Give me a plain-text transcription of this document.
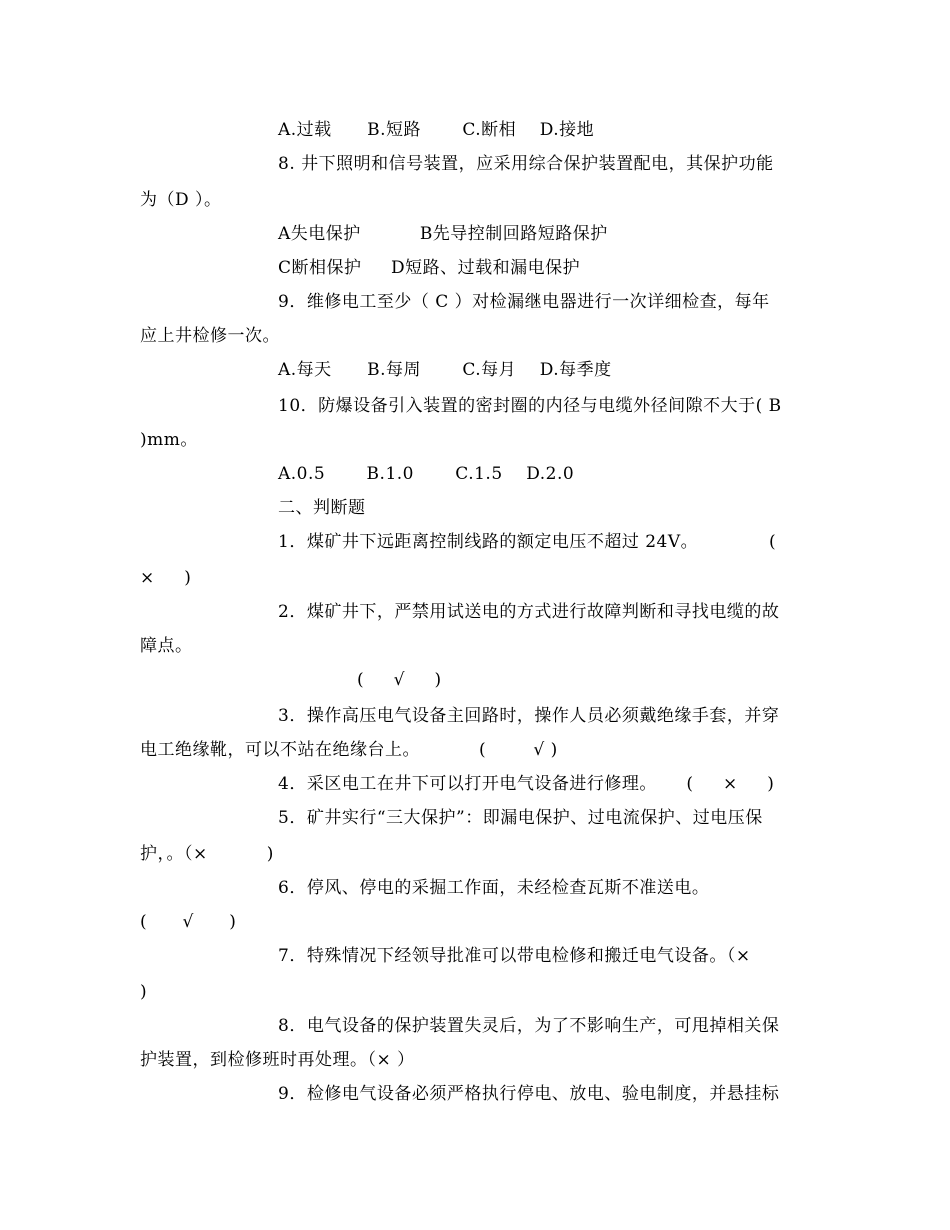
A.过载      B.短路       C.断相    D.接地
8. 井下照明和信号装置，应采用综合保护装置配电，其保护功能
为（D ）。
A失电保护          B先导控制回路短路保护
C断相保护     D短路、过载和漏电保护
9．维修电工至少（ C ）对检漏继电器进行一次详细检查，每年
应上井检修一次。
A.每天      B.每周       C.每月    D.每季度
10．防爆设备引入装置的密封圈的内径与电缆外径间隙不大于( B
)mm。
A.0.5       B.1.0       C.1.5    D.2.0
二、判断题
1．煤矿井下远距离控制线路的额定电压不超过 24V。            (
×     )
2．煤矿井下，严禁用试送电的方式进行故障判断和寻找电缆的故
障点。
(     √     )
3．操作高压电气设备主回路时，操作人员必须戴绝缘手套，并穿
电工绝缘靴，可以不站在绝缘台上。          (        √ )
4．采区电工在井下可以打开电气设备进行修理。     (     ×     )
5．矿井实行“三大保护”：即漏电保护、过电流保护、过电压保
护，。（×          )
6．停风、停电的采掘工作面，未经检查瓦斯不准送电。
(      √      )
7．特殊情况下经领导批准可以带电检修和搬迁电气设备。（×
)
8．电气设备的保护装置失灵后，为了不影响生产，可甩掉相关保
护装置，到检修班时再处理。（× ）
9．检修电气设备必须严格执行停电、放电、验电制度，并悬挂标
